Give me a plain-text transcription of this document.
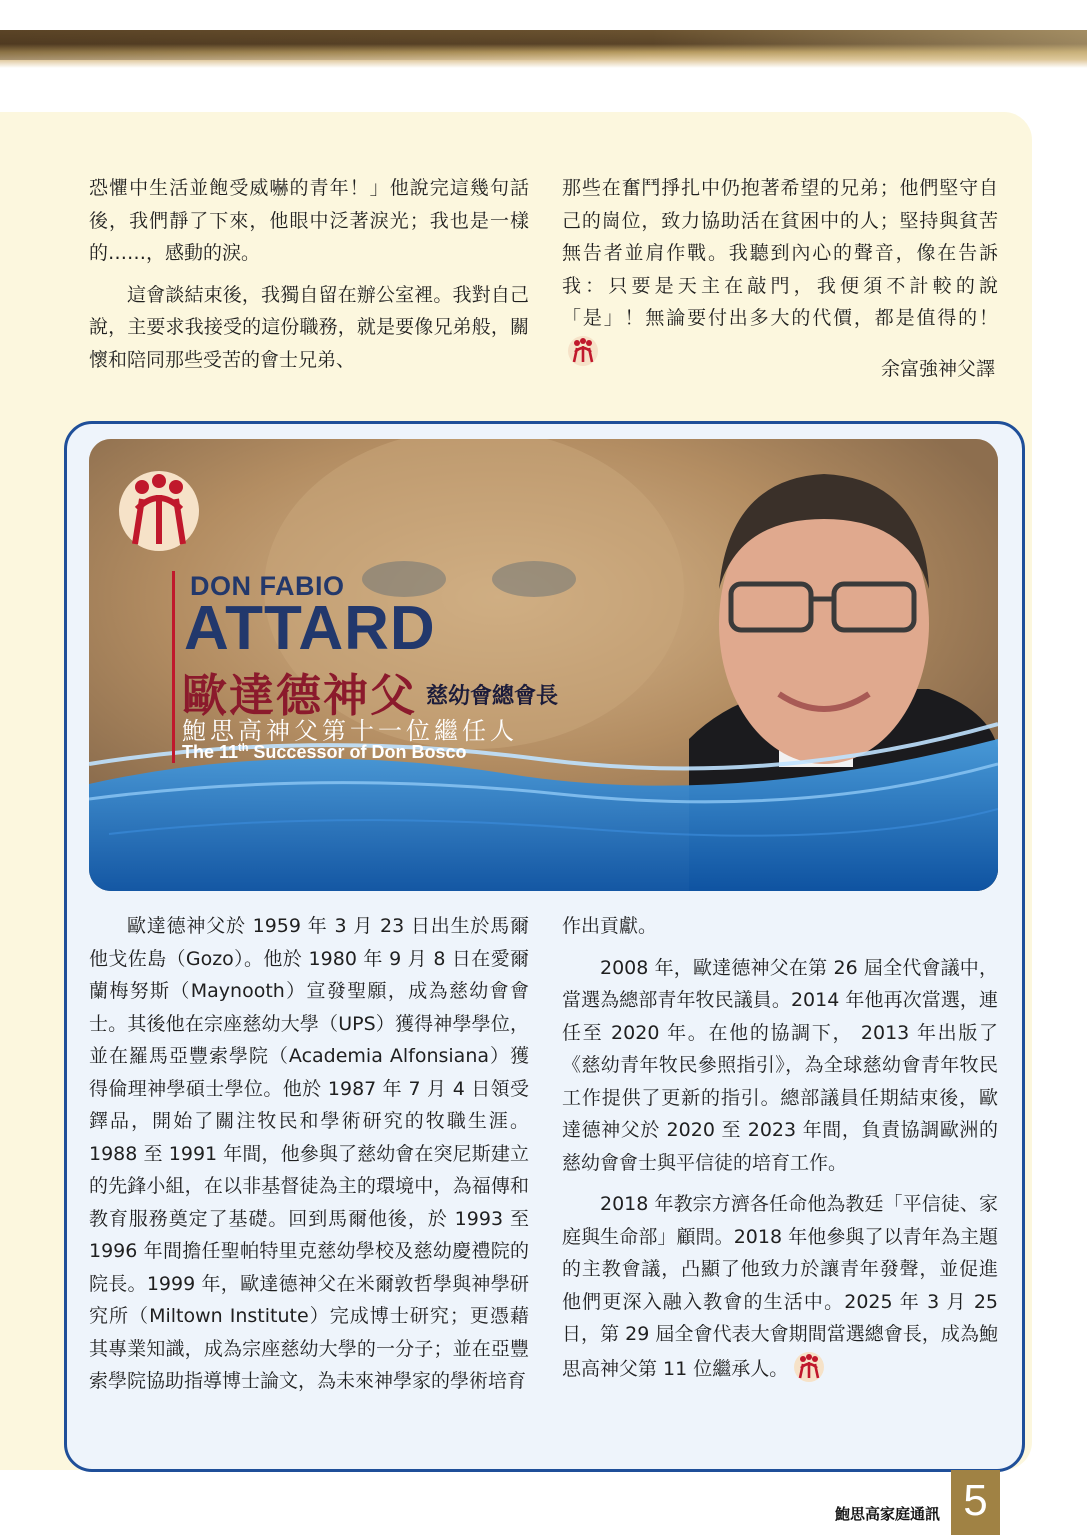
恐懼中生活並飽受威嚇的青年！」他說完這幾句話後，我們靜了下來，他眼中泛著淚光；我也是一樣的……，感動的淚。

這會談結束後，我獨自留在辦公室裡。我對自己說，主要求我接受的這份職務，就是要像兄弟般，關懷和陪同那些受苦的會士兄弟、

那些在奮鬥掙扎中仍抱著希望的兄弟；他們堅守自己的崗位，致力協助活在貧困中的人；堅持與貧苦無告者並肩作戰。我聽到內心的聲音，像在告訴我：只要是天主在敲門，我便須不計較的說「是」！無論要付出多大的代價，都是值得的！

余富強神父譯
DON FABIO
ATTARD
歐達德神父 慈幼會總會長
鮑思高神父第十一位繼任人
The 11th Successor of Don Bosco

歐達德神父於 1959 年 3 月 23 日出生於馬爾他戈佐島（Gozo）。他於 1980 年 9 月 8 日在愛爾蘭梅努斯（Maynooth）宣發聖願，成為慈幼會會士。其後他在宗座慈幼大學（UPS）獲得神學學位，並在羅馬亞豐索學院（Academia Alfonsiana）獲得倫理神學碩士學位。他於 1987 年 7 月 4 日領受鐸品，開始了關注牧民和學術研究的牧職生涯。1988 至 1991 年間，他參與了慈幼會在突尼斯建立的先鋒小組，在以非基督徒為主的環境中，為福傳和教育服務奠定了基礎。回到馬爾他後，於 1993 至 1996 年間擔任聖帕特里克慈幼學校及慈幼慶禮院的院長。1999 年，歐達德神父在米爾敦哲學與神學研究所（Miltown Institute）完成博士研究；更憑藉其專業知識，成為宗座慈幼大學的一分子；並在亞豐索學院協助指導博士論文，為未來神學家的學術培育

作出貢獻。

2008 年，歐達德神父在第 26 屆全代會議中，當選為總部青年牧民議員。2014 年他再次當選，連任至 2020 年。在他的協調下， 2013 年出版了《慈幼青年牧民參照指引》，為全球慈幼會青年牧民工作提供了更新的指引。總部議員任期結束後，歐達德神父於 2020 至 2023 年間，負責協調歐洲的慈幼會會士與平信徒的培育工作。

2018 年教宗方濟各任命他為教廷「平信徒、家庭與生命部」顧問。2018 年他參與了以青年為主題的主教會議，凸顯了他致力於讓青年發聲，並促進他們更深入融入教會的生活中。2025 年 3 月 25 日，第 29 屆全會代表大會期間當選總會長，成為鮑思高神父第 11 位繼承人。

鮑思高家庭通訊 5
